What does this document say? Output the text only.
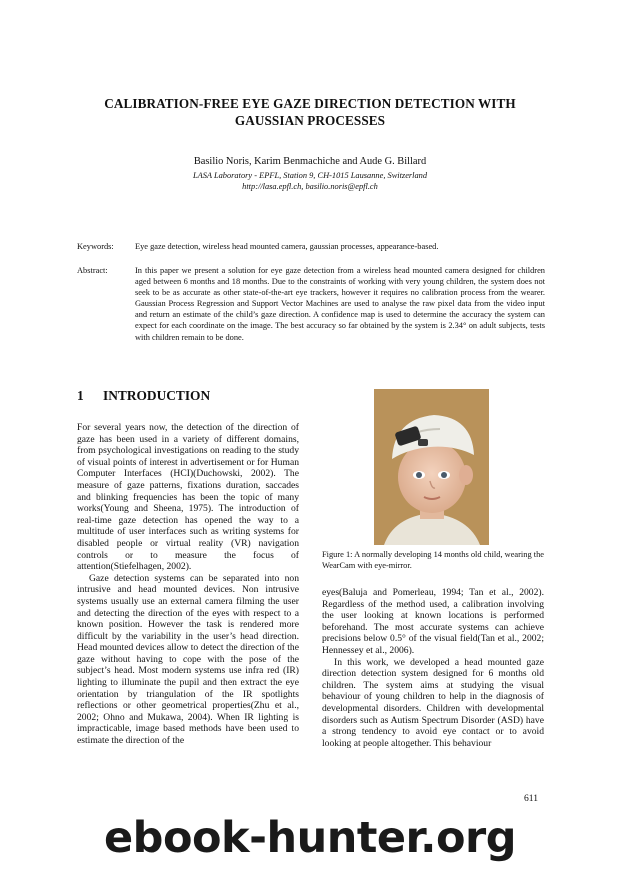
CALIBRATION-FREE EYE GAZE DIRECTION DETECTION WITH
GAUSSIAN PROCESSES
Basilio Noris, Karim Benmachiche and Aude G. Billard
LASA Laboratory - EPFL, Station 9, CH-1015 Lausanne, Switzerland
http://lasa.epfl.ch, basilio.noris@epfl.ch
Keywords:	Eye gaze detection, wireless head mounted camera, gaussian processes, appearance-based.
Abstract:	In this paper we present a solution for eye gaze detection from a wireless head mounted camera designed for children aged between 6 months and 18 months. Due to the constraints of working with very young children, the system does not seek to be as accurate as other state-of-the-art eye trackers, however it requires no calibration process from the wearer. Gaussian Process Regression and Support Vector Machines are used to analyse the raw pixel data from the video input and return an estimate of the child’s gaze direction. A confidence map is used to determine the accuracy the system can expect for each coordinate on the image. The best accuracy so far obtained by the system is 2.34° on adult subjects, tests with children remain to be done.
1 INTRODUCTION

For several years now, the detection of the direction of gaze has been used in a variety of different domains, from psychological investigations on reading to the study of visual points of interest in advertisement or for Human Computer Interfaces (HCI)(Duchowski, 2002). The measure of gaze patterns, fixations duration, saccades and blinking frequencies has been the topic of many works(Young and Sheena, 1975). The introduction of real-time gaze detection has opened the way to a multitude of user interfaces such as writing systems for disabled people or virtual reality (VR) navigation controls or to measure the focus of attention(Stiefelhagen, 2002).

Gaze detection systems can be separated into non intrusive and head mounted devices. Non intrusive systems usually use an external camera filming the user and detecting the direction of the eyes with respect to a known position. However the task is rendered more difficult by the variability in the user’s head direction. Head mounted devices allow to detect the direction of the gaze without having to cope with the pose of the subject’s head. Most modern systems use infra red (IR) lighting to illuminate the pupil and then extract the eye orientation by triangulation of the IR spotlights reflections or other geometrical properties(Zhu et al., 2002; Ohno and Mukawa, 2004). When IR lighting is impracticable, image based methods have been used to estimate the direction of the

Figure 1: A normally developing 14 months old child, wearing the WearCam with eye-mirror.

eyes(Baluja and Pomerleau, 1994; Tan et al., 2002). Regardless of the method used, a calibration involving the user looking at known locations is performed beforehand. The most accurate systems can achieve precisions below 0.5° of the visual field(Tan et al., 2002; Hennessey et al., 2006).

In this work, we developed a head mounted gaze direction detection system designed for 6 months old children. The system aims at studying the visual behaviour of young children to help in the diagnosis of developmental disorders. Children with developmental disorders such as Autism Spectrum Disorder (ASD) have a strong tendency to avoid eye contact or to avoid looking at people altogether. This behaviour

611
ebook-hunter.org
